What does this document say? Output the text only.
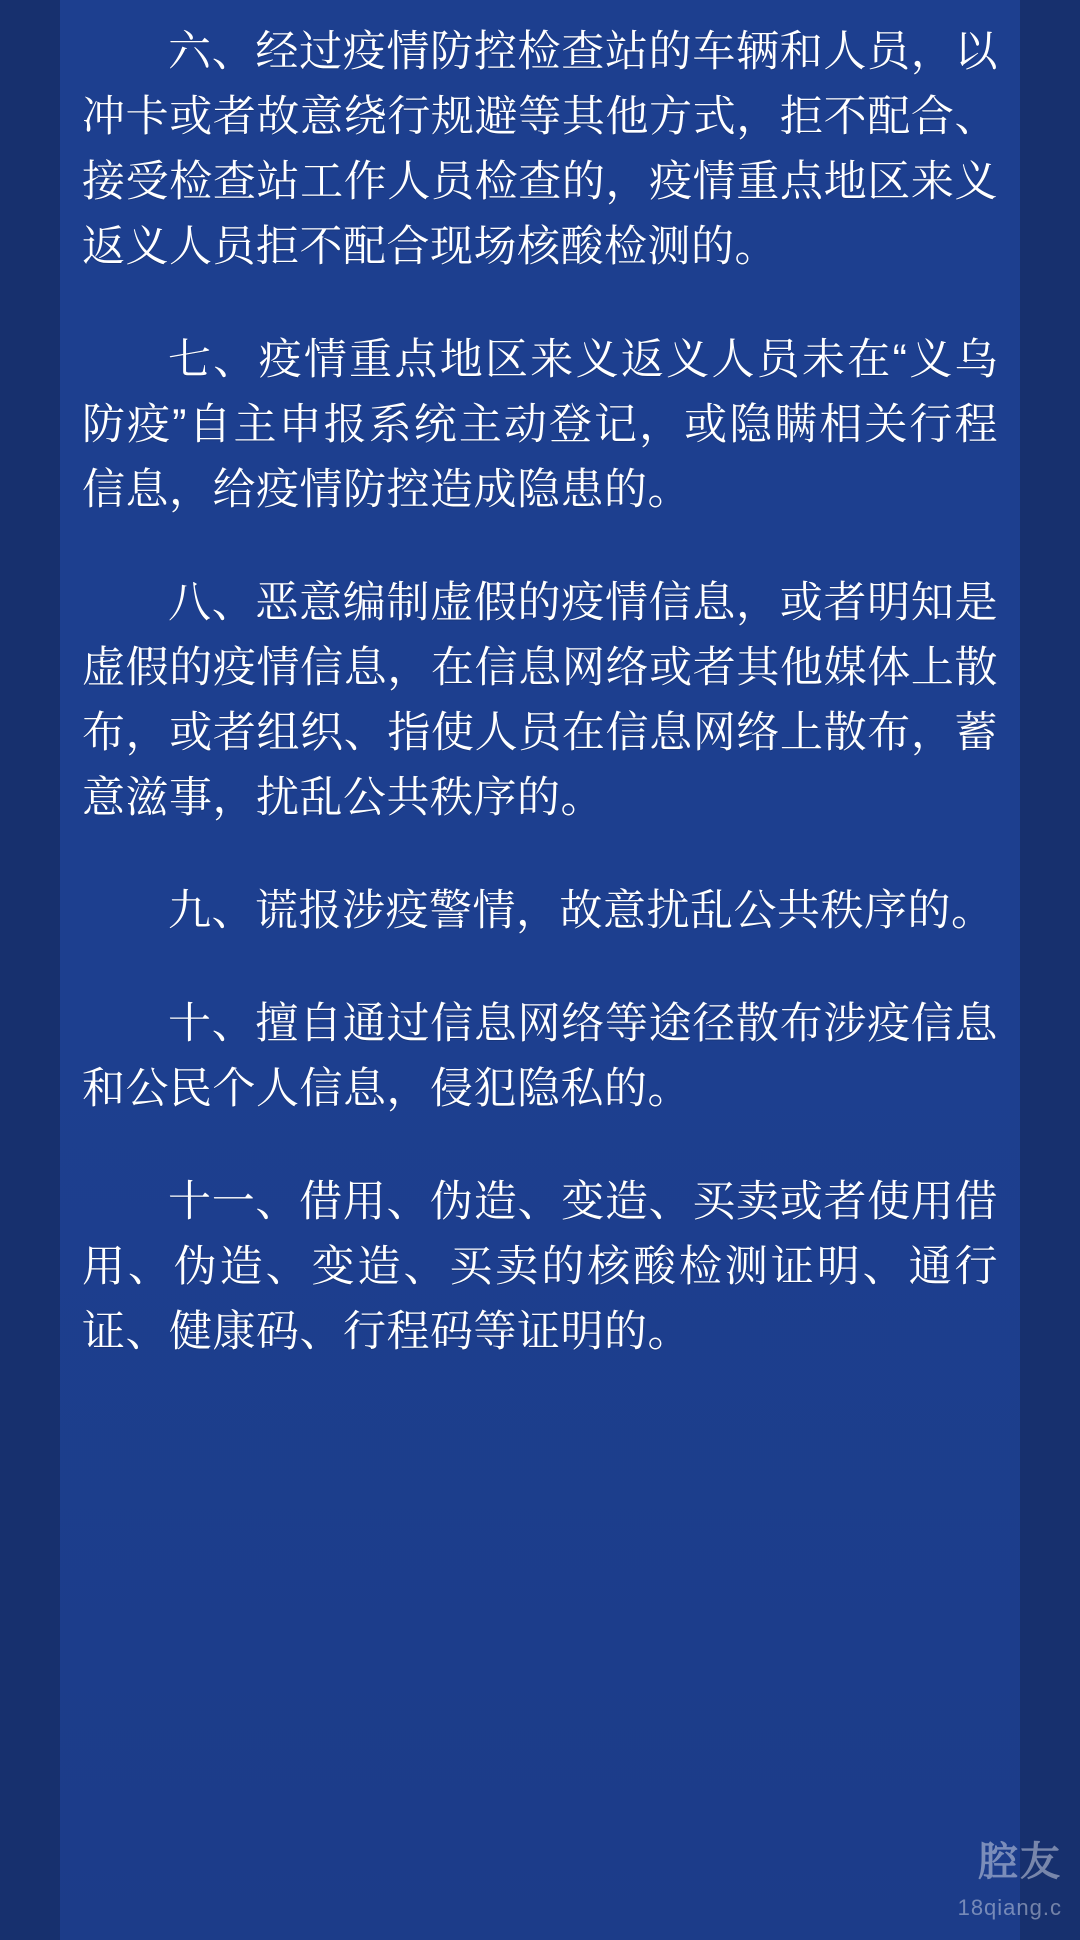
六、经过疫情防控检查站的车辆和人员，以冲卡或者故意绕行规避等其他方式，拒不配合、接受检查站工作人员检查的，疫情重点地区来义返义人员拒不配合现场核酸检测的。

七、疫情重点地区来义返义人员未在“义乌防疫”自主申报系统主动登记，或隐瞒相关行程信息，给疫情防控造成隐患的。

八、恶意编制虚假的疫情信息，或者明知是虚假的疫情信息，在信息网络或者其他媒体上散布，或者组织、指使人员在信息网络上散布，蓄意滋事，扰乱公共秩序的。

九、谎报涉疫警情，故意扰乱公共秩序的。

十、擅自通过信息网络等途径散布涉疫信息和公民个人信息，侵犯隐私的。

十一、借用、伪造、变造、买卖或者使用借用、伪造、变造、买卖的核酸检测证明、通行证、健康码、行程码等证明的。

腔友
18qiang.c
